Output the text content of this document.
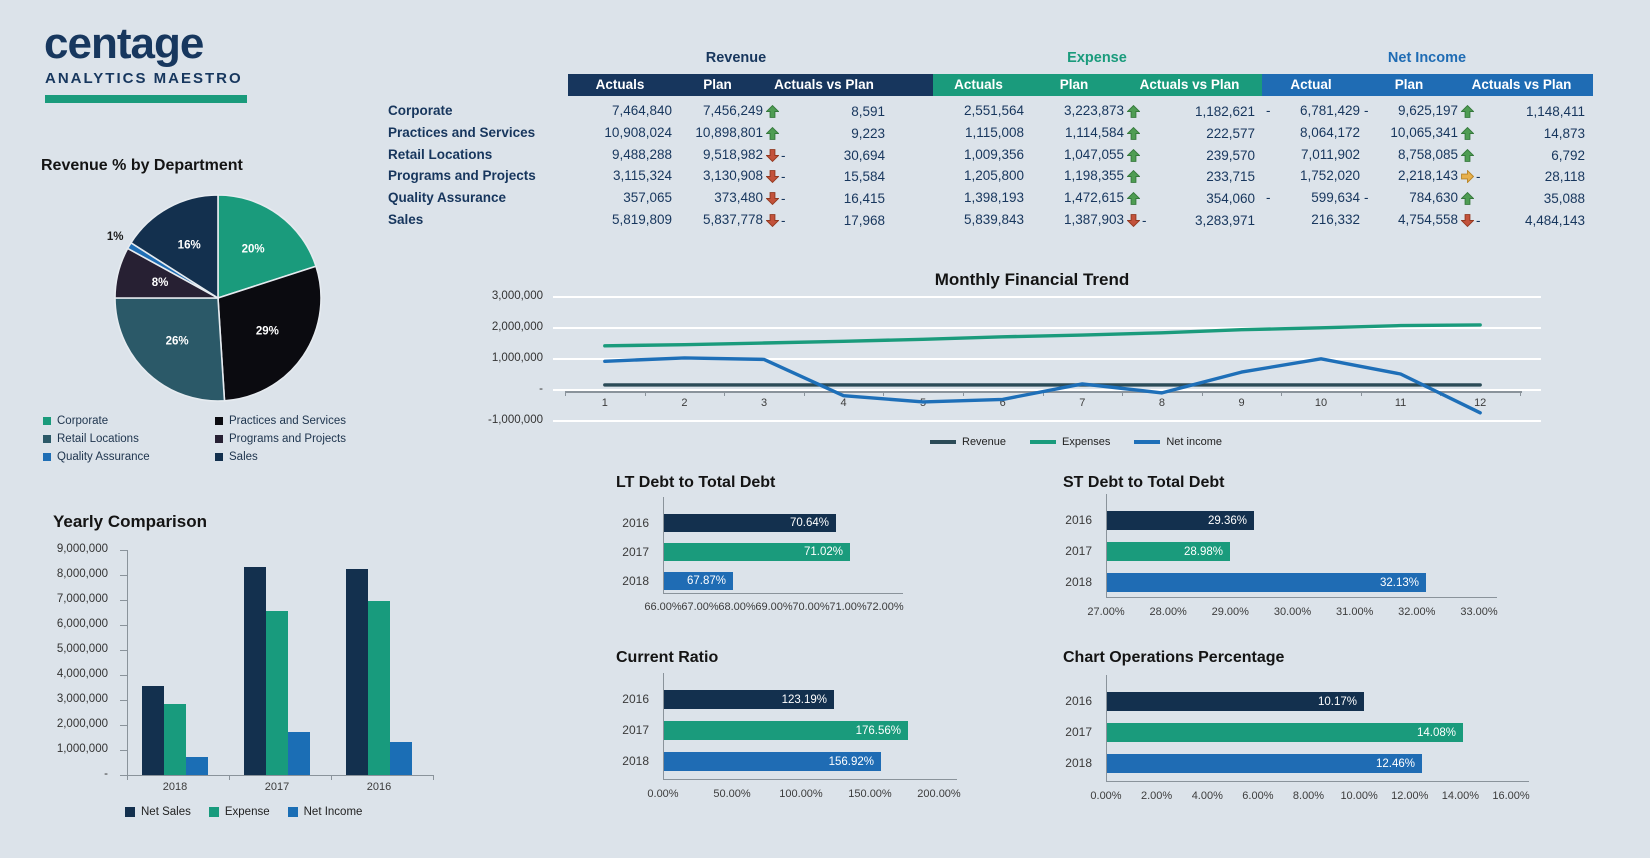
centage
ANALYTICS MAESTRO
Revenue % by Department
Yearly Comparison
Monthly Financial Trend
LT Debt to Total Debt	ST Debt to Total Debt
Current Ratio	Chart Operations Percentage
Revenue	Expense	Net Income
Actuals	Plan	Actuals vs Plan	Actuals	Plan	Actuals vs Plan	Actual	Plan	Actuals vs Plan
Corporate	7,464,840	7,456,249	8,591	2,551,564	3,223,873	1,182,621 -	6,781,429 -	9,625,197	1,148,411
Practices and Services	10,908,024	10,898,801	9,223	1,115,008	1,114,584	222,577	8,064,172	10,065,341	14,873
Retail Locations	9,488,288	9,518,982 -	30,694	1,009,356	1,047,055	239,570	7,011,902	8,758,085	6,792
Programs and Projects	3,115,324	3,130,908 -	15,584	1,205,800	1,198,355	233,715	1,752,020	2,218,143 -	28,118
Quality Assurance	357,065	373,480 -	16,415	1,398,193	1,472,615	354,060 -	599,634 -	784,630	35,088
Sales	5,819,809	5,837,778 -	17,968	5,839,843	1,387,903 -	3,283,971	216,332	4,754,558 -	4,484,143
20%
29%
26%
8%
1%
16%
Corporate	Practices and Services
Retail Locations	Programs and Projects
Quality Assurance	Sales
9,000,000
8,000,000
7,000,000
6,000,000
5,000,000
4,000,000
3,000,000
2,000,000
1,000,000
-
2018	2017	2016
Net Sales	Expense	Net Income
3,000,000
2,000,000
1,000,000
-
-1,000,000
1	2	3	4	5	6	7	8	9	10	11	12
Revenue	Expenses	Net income
2016	70.64%
2017	71.02%
2018	67.87%
66.00% 67.00% 68.00% 69.00% 70.00% 71.00% 72.00%
2016	29.36%
2017	28.98%
2018	32.13%
27.00%	28.00%	29.00%	30.00%	31.00%	32.00%	33.00%
2016	123.19%
2017	176.56%
2018	156.92%
0.00%	50.00%	100.00%	150.00%	200.00%
2016	10.17%
2017	14.08%
2018	12.46%
0.00%	2.00%	4.00%	6.00%	8.00%	10.00%	12.00%	14.00%	16.00%
